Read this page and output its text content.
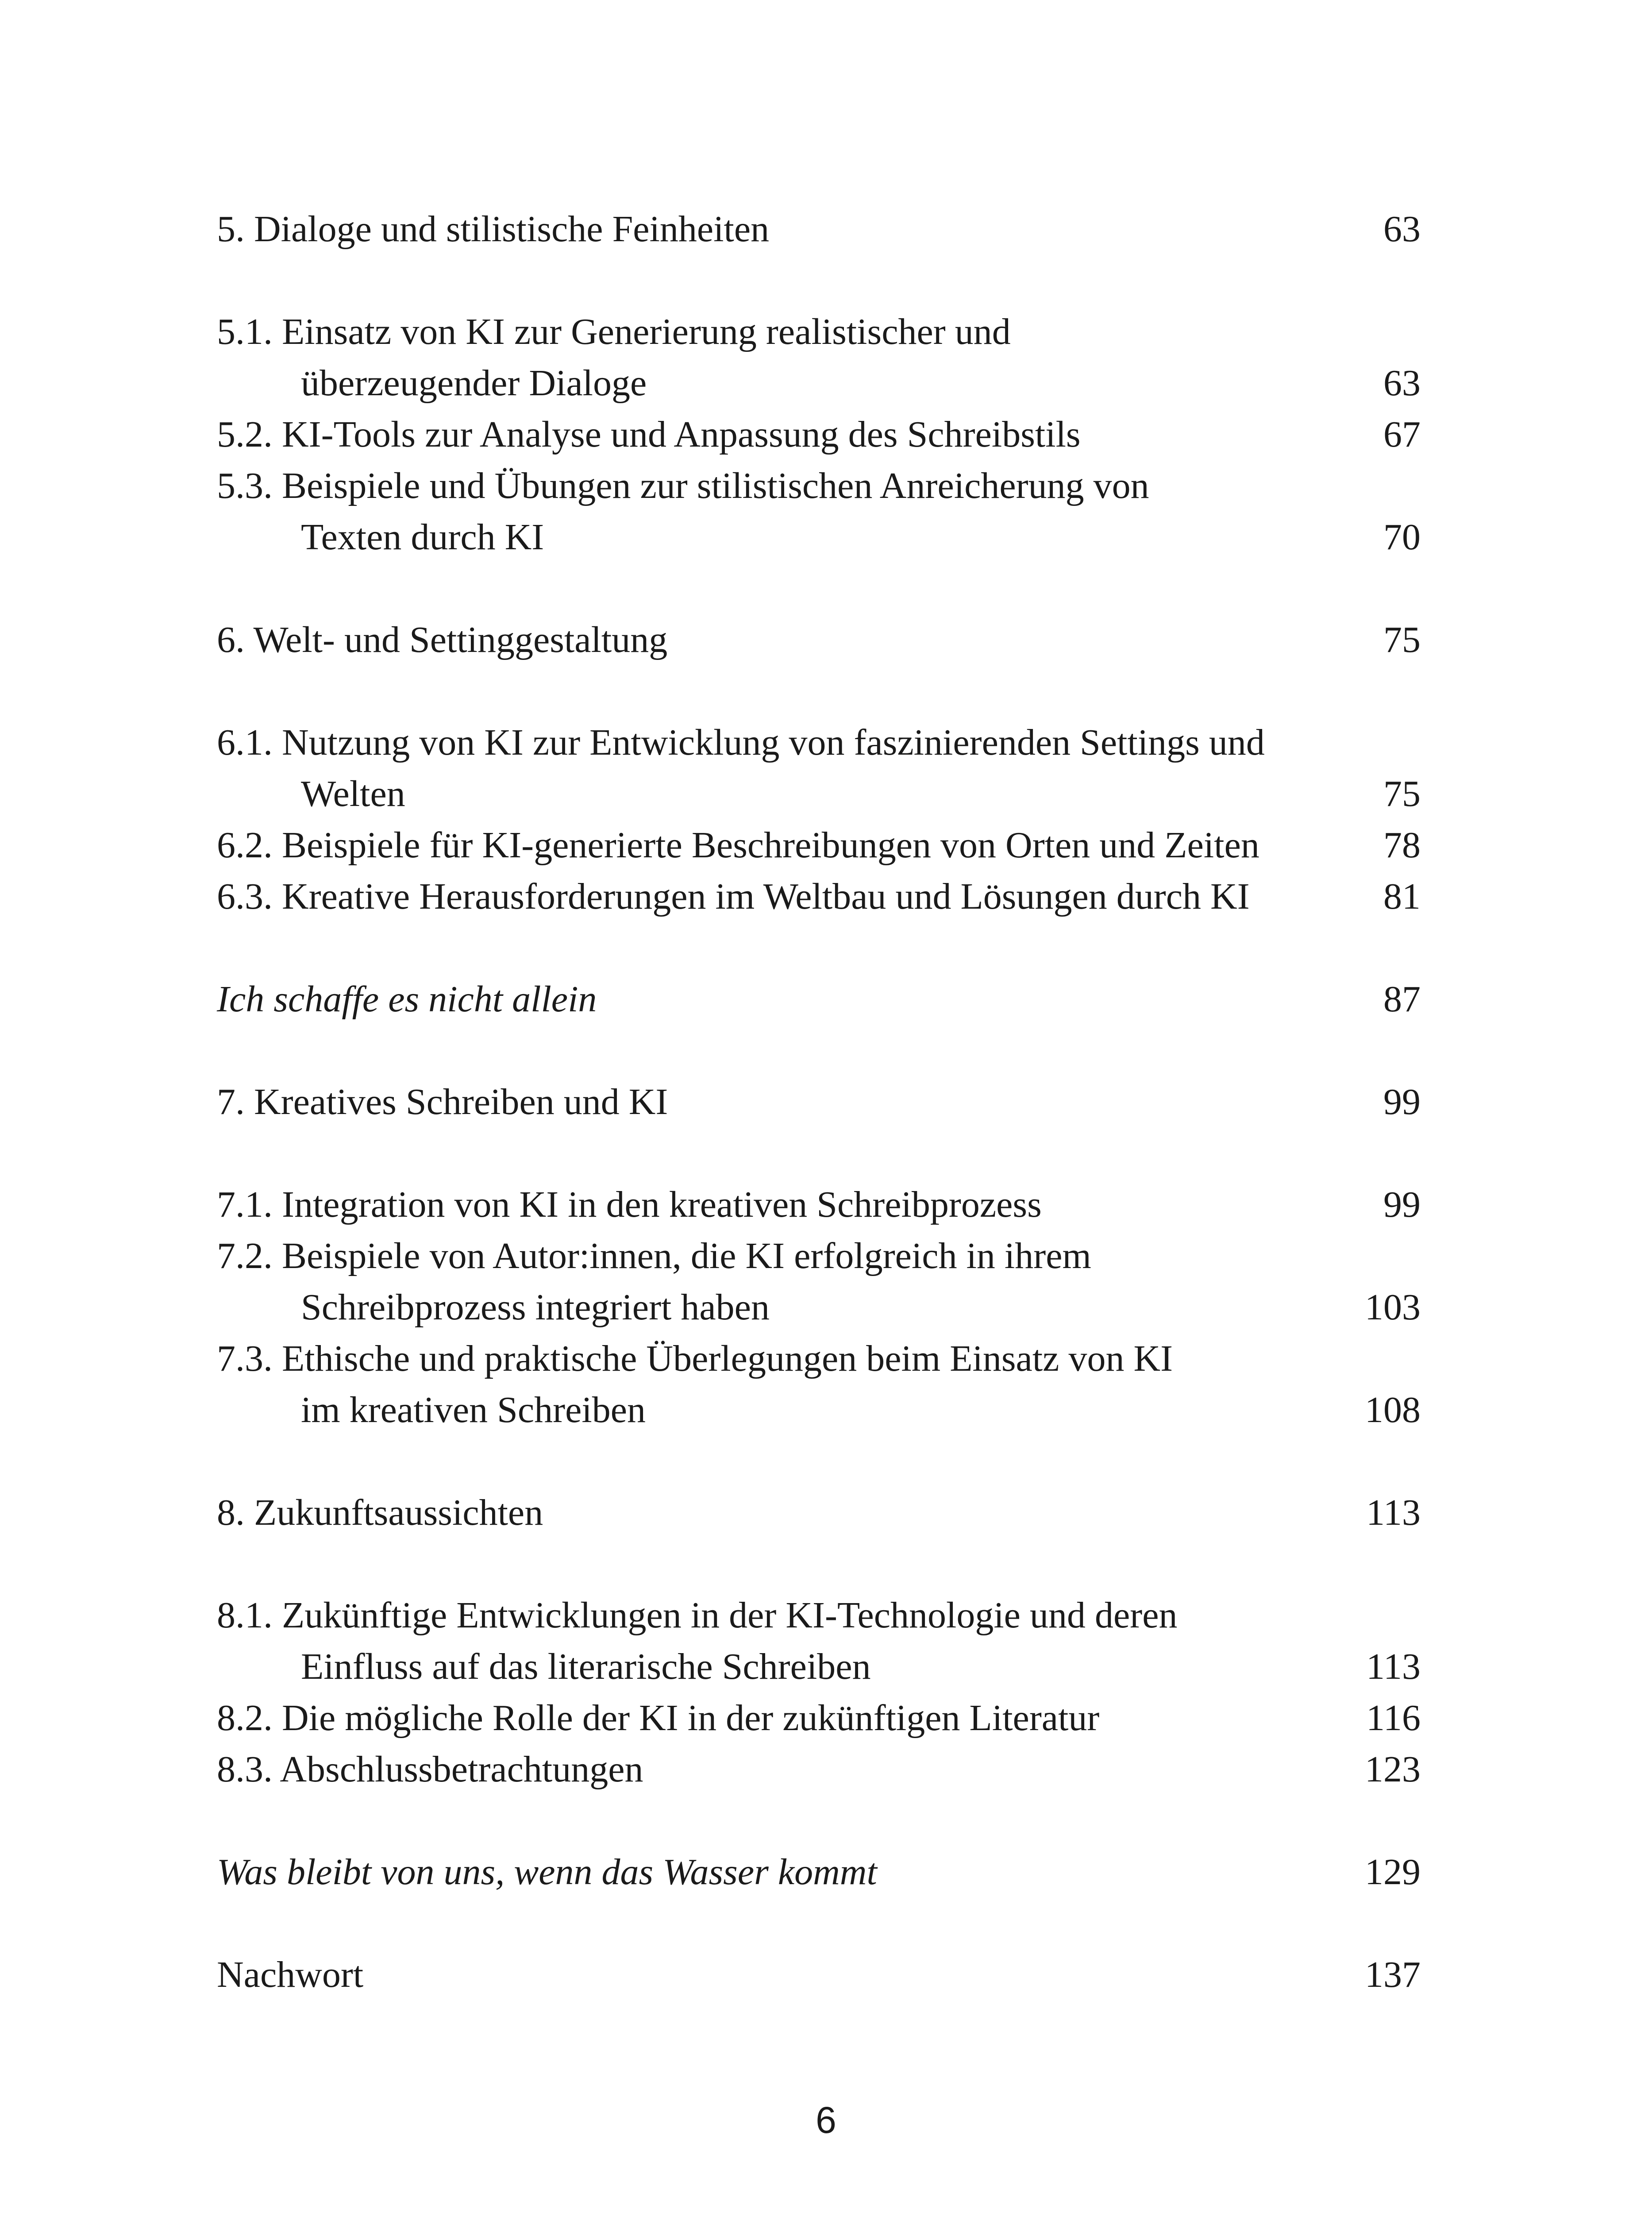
5. Dialoge und stilistische Feinheiten	63
5.1. Einsatz von KI zur Generierung realistischer und
überzeugender Dialoge	63
5.2. KI-Tools zur Analyse und Anpassung des Schreibstils	67
5.3. Beispiele und Übungen zur stilistischen Anreicherung von
Texten durch KI	70
6. Welt- und Settinggestaltung	75
6.1. Nutzung von KI zur Entwicklung von faszinierenden Settings und
Welten	75
6.2. Beispiele für KI-generierte Beschreibungen von Orten und Zeiten	78
6.3. Kreative Herausforderungen im Weltbau und Lösungen durch KI	81
Ich schaffe es nicht allein	87
7. Kreatives Schreiben und KI	99
7.1. Integration von KI in den kreativen Schreibprozess	99
7.2. Beispiele von Autor:innen, die KI erfolgreich in ihrem
Schreibprozess integriert haben	103
7.3. Ethische und praktische Überlegungen beim Einsatz von KI
im kreativen Schreiben	108
8. Zukunftsaussichten	113
8.1. Zukünftige Entwicklungen in der KI-Technologie und deren
Einfluss auf das literarische Schreiben	113
8.2. Die mögliche Rolle der KI in der zukünftigen Literatur	116
8.3. Abschlussbetrachtungen	123
Was bleibt von uns, wenn das Wasser kommt	129
Nachwort	137
6
